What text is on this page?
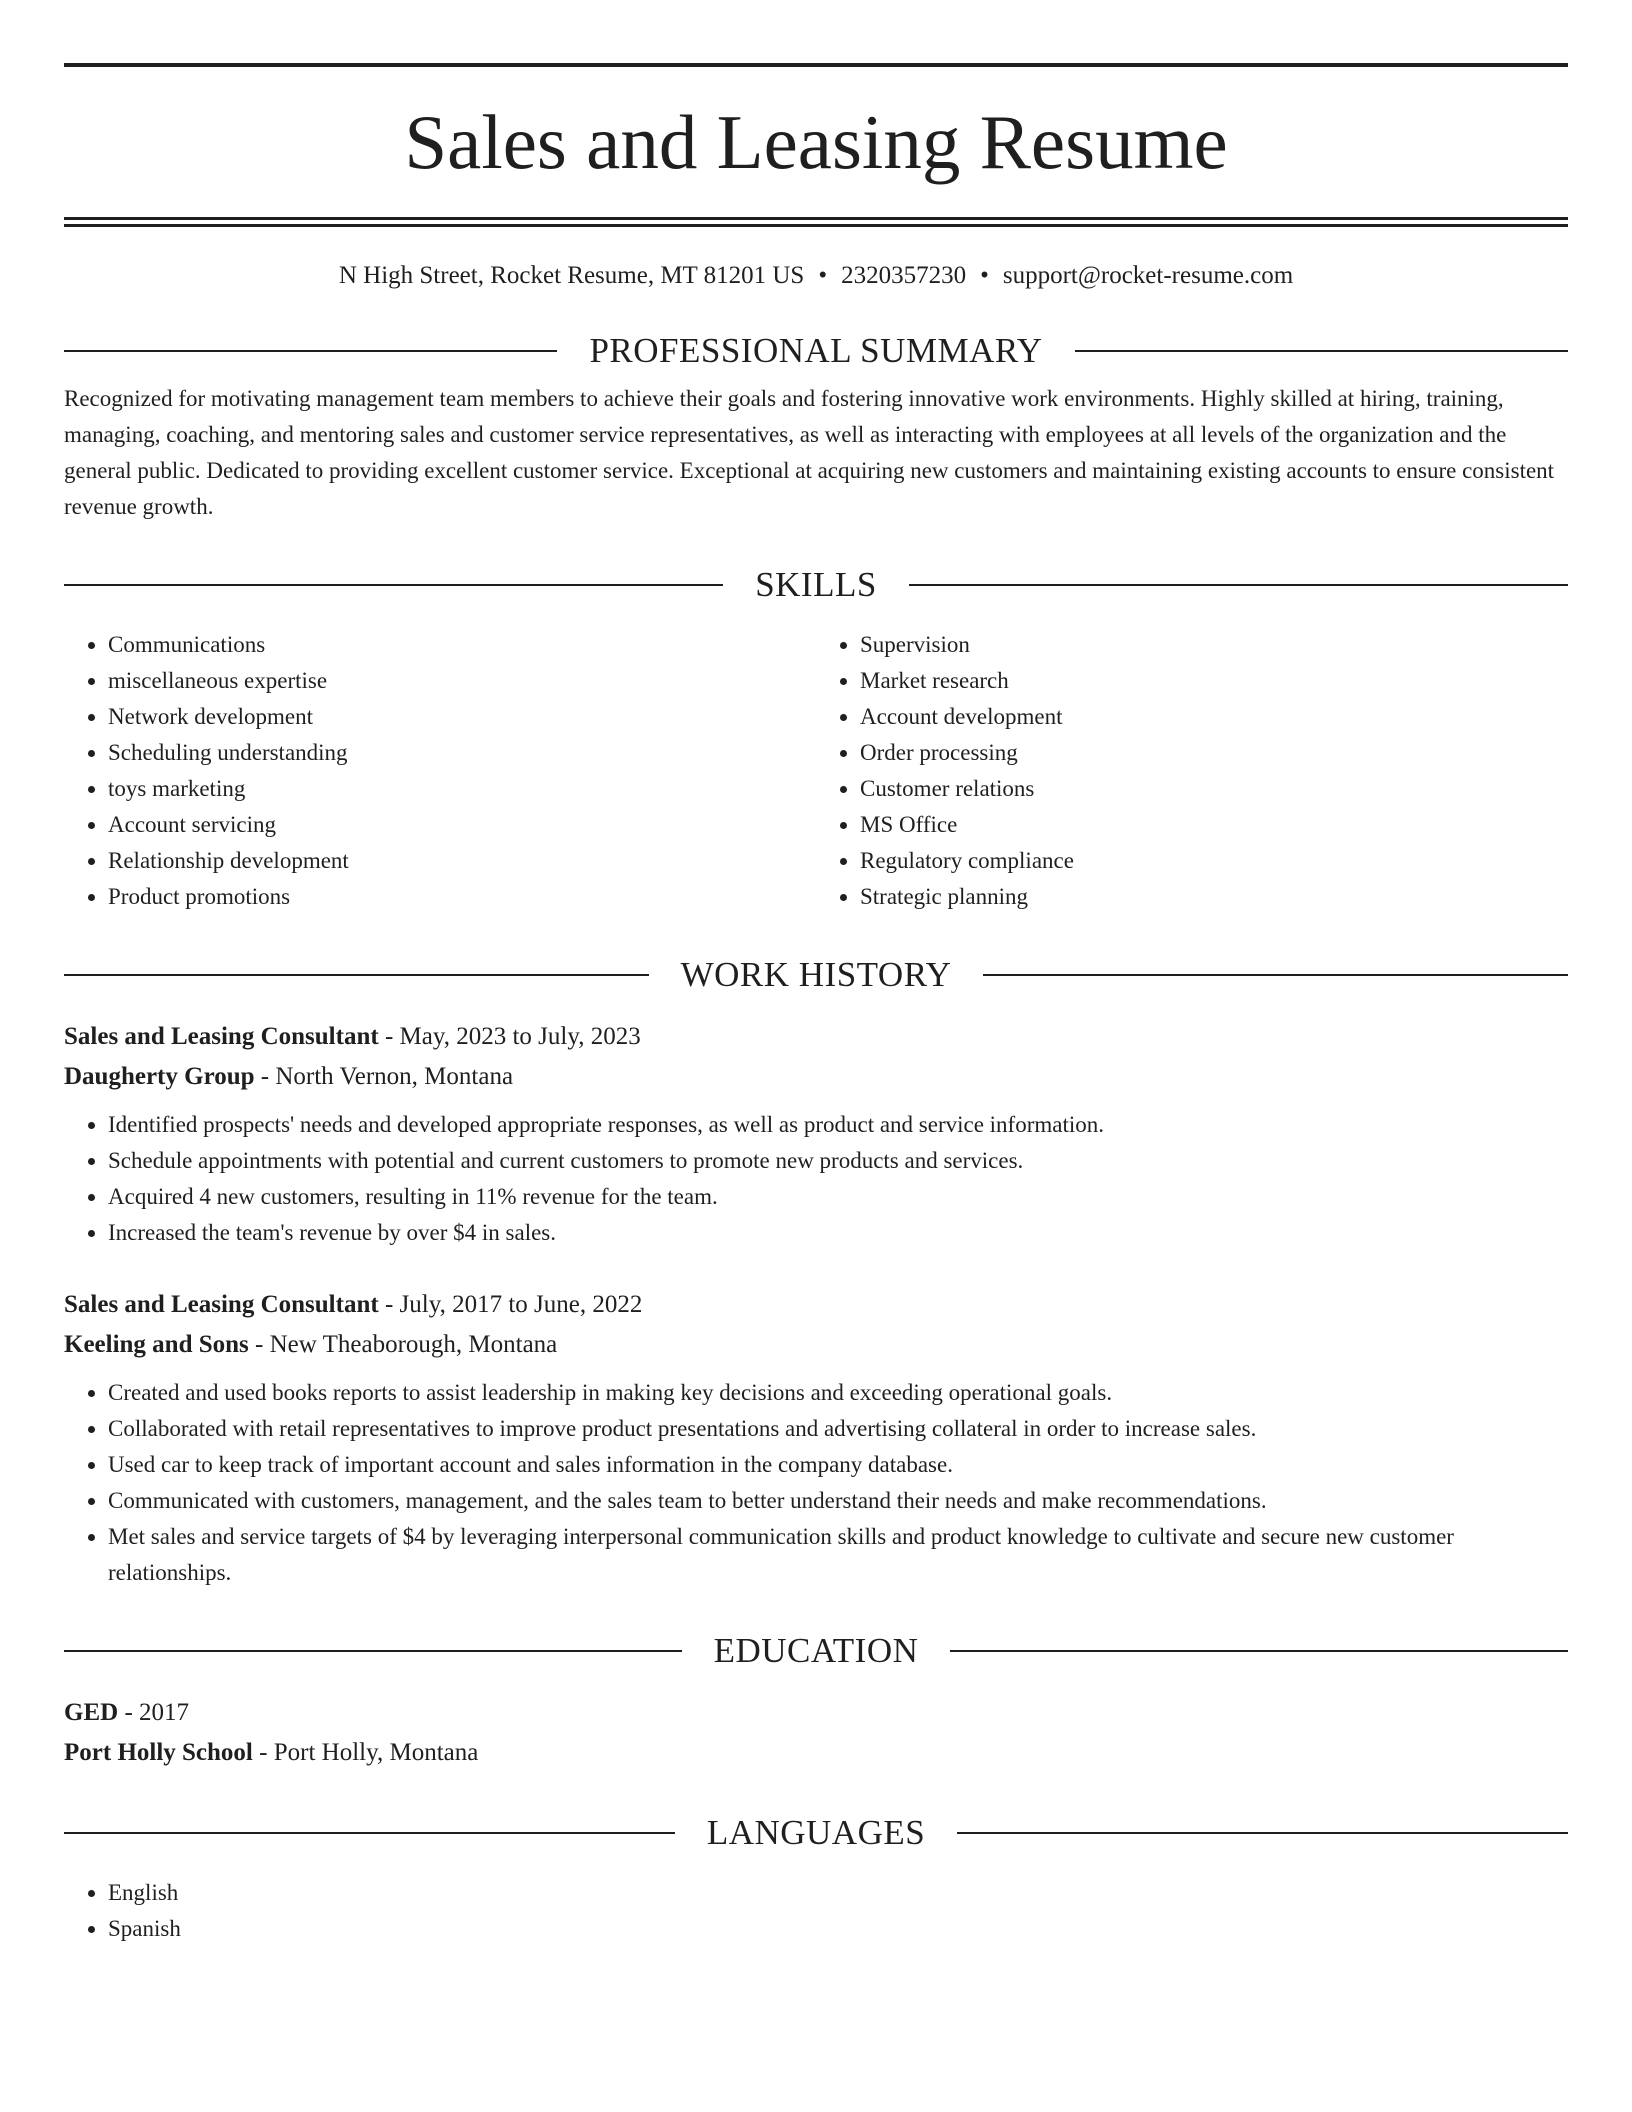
Sales and Leasing Resume
N High Street, Rocket Resume, MT 81201 US • 2320357230 • support@rocket-resume.com
PROFESSIONAL SUMMARY
Recognized for motivating management team members to achieve their goals and fostering innovative work environments. Highly skilled at hiring, training, managing, coaching, and mentoring sales and customer service representatives, as well as interacting with employees at all levels of the organization and the general public. Dedicated to providing excellent customer service. Exceptional at acquiring new customers and maintaining existing accounts to ensure consistent revenue growth.
SKILLS
• Communications
• miscellaneous expertise
• Network development
• Scheduling understanding
• toys marketing
• Account servicing
• Relationship development
• Product promotions
• Supervision
• Market research
• Account development
• Order processing
• Customer relations
• MS Office
• Regulatory compliance
• Strategic planning
WORK HISTORY
Sales and Leasing Consultant - May, 2023 to July, 2023
Daugherty Group - North Vernon, Montana
• Identified prospects' needs and developed appropriate responses, as well as product and service information.
• Schedule appointments with potential and current customers to promote new products and services.
• Acquired 4 new customers, resulting in 11% revenue for the team.
• Increased the team's revenue by over $4 in sales.
Sales and Leasing Consultant - July, 2017 to June, 2022
Keeling and Sons - New Theaborough, Montana
• Created and used books reports to assist leadership in making key decisions and exceeding operational goals.
• Collaborated with retail representatives to improve product presentations and advertising collateral in order to increase sales.
• Used car to keep track of important account and sales information in the company database.
• Communicated with customers, management, and the sales team to better understand their needs and make recommendations.
• Met sales and service targets of $4 by leveraging interpersonal communication skills and product knowledge to cultivate and secure new customer relationships.
EDUCATION
GED - 2017
Port Holly School - Port Holly, Montana
LANGUAGES
• English
• Spanish
